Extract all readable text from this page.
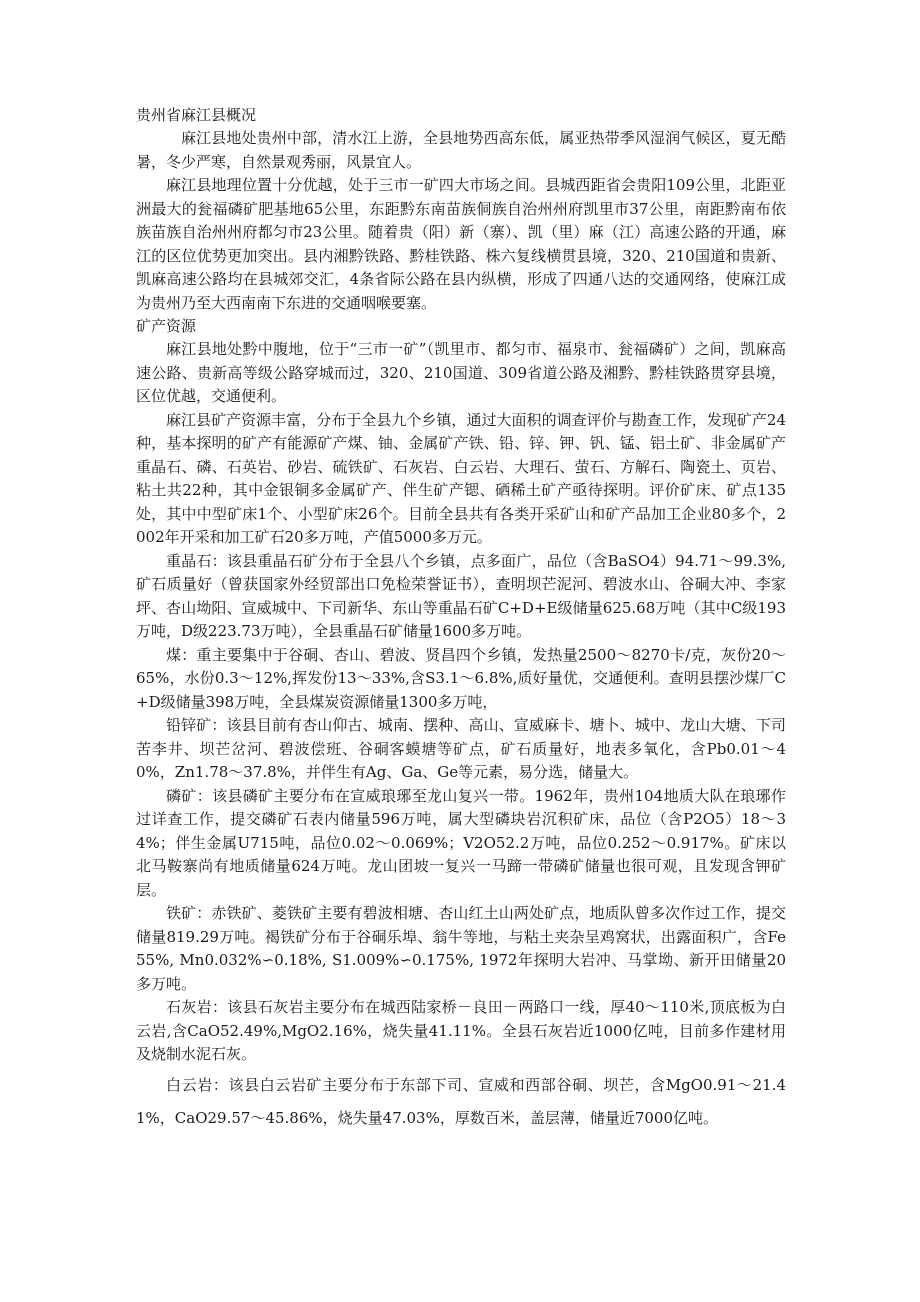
贵州省麻江县概况

麻江县地处贵州中部，清水江上游，全县地势西高东低，属亚热带季风湿润气候区，夏无酷暑，冬少严寒，自然景观秀丽，风景宜人。

麻江县地理位置十分优越，处于三市一矿四大市场之间。县城西距省会贵阳109公里，北距亚洲最大的瓮福磷矿肥基地65公里，东距黔东南苗族侗族自治州州府凯里市37公里，南距黔南布依族苗族自治州州府都匀市23公里。随着贵（阳）新（寨）、凯（里）麻（江）高速公路的开通，麻江的区位优势更加突出。县内湘黔铁路、黔桂铁路、株六复线横贯县境，320、210国道和贵新、凯麻高速公路均在县城郊交汇，4条省际公路在县内纵横，形成了四通八达的交通网络，使麻江成为贵州乃至大西南南下东进的交通咽喉要塞。

矿产资源

麻江县地处黔中腹地，位于“三市一矿”（凯里市、都匀市、福泉市、瓮福磷矿）之间，凯麻高速公路、贵新高等级公路穿城而过，320、210国道、309省道公路及湘黔、黔桂铁路贯穿县境，区位优越，交通便利。

麻江县矿产资源丰富，分布于全县九个乡镇，通过大面积的调查评价与勘查工作，发现矿产24种，基本探明的矿产有能源矿产煤、铀、金属矿产铁、铅、锌、钾、钒、锰、铝土矿、非金属矿产重晶石、磷、石英岩、砂岩、硫铁矿、石灰岩、白云岩、大理石、萤石、方解石、陶瓷土、页岩、粘土共22种，其中金银铜多金属矿产、伴生矿产锶、硒稀土矿产亟待探明。评价矿床、矿点135处，其中中型矿床1个、小型矿床26个。目前全县共有各类开采矿山和矿产品加工企业80多个，2002年开采和加工矿石20多万吨，产值5000多万元。

重晶石：该县重晶石矿分布于全县八个乡镇，点多面广，品位（含BaSO4）94.71～99.3%, 矿石质量好（曾获国家外经贸部出口免检荣誉证书），查明坝芒泥河、碧波水山、谷硐大冲、李家坪、杏山坳阳、宣威城中、下司新华、东山等重晶石矿C+D+E级储量625.68万吨（其中C级193万吨，D级223.73万吨），全县重晶石矿储量1600多万吨。

煤：重主要集中于谷硐、杏山、碧波、贤昌四个乡镇，发热量2500～8270卡/克，灰份20～65%，水份0.3～12%,挥发份13～33%,含S3.1～6.8%,质好量优，交通便利。查明县摆沙煤厂C+D级储量398万吨，全县煤炭资源储量1300多万吨，

铅锌矿：该县目前有杏山仰古、城南、摆种、高山、宣威麻卡、塘卜、城中、龙山大塘、下司苦李井、坝芒岔河、碧波偿班、谷硐客蟆塘等矿点，矿石质量好，地表多氧化，含Pb0.01～40%，Zn1.78～37.8%，并伴生有Ag、Ga、Ge等元素，易分选，储量大。

磷矿：该县磷矿主要分布在宣威琅琊至龙山复兴一带。1962年，贵州104地质大队在琅琊作过详查工作，提交磷矿石表内储量596万吨，属大型磷块岩沉积矿床，品位（含P2O5）18～34%；伴生金属U715吨，品位0.02～0.069%；V2O52.2万吨，品位0.252～0.917%。矿床以北马鞍寨尚有地质储量624万吨。龙山团坡一复兴一马蹄一带磷矿储量也很可观，且发现含钾矿层。

铁矿：赤铁矿、菱铁矿主要有碧波相塘、杏山红土山两处矿点，地质队曾多次作过工作，提交储量819.29万吨。褐铁矿分布于谷硐乐埠、翁牛等地，与粘土夹杂呈鸡窝状，出露面积广，含Fe55%, Mn0.032%∽0.18%, S1.009%∽0.175%, 1972年探明大岩冲、马掌坳、新开田储量20多万吨。

石灰岩：该县石灰岩主要分布在城西陆家桥－良田－两路口一线，厚40～110米,顶底板为白云岩,含CaO52.49%,MgO2.16%，烧失量41.11%。全县石灰岩近1000亿吨，目前多作建材用及烧制水泥石灰。

白云岩：该县白云岩矿主要分布于东部下司、宣威和西部谷硐、坝芒，含MgO0.91～21.41%，CaO29.57～45.86%，烧失量47.03%，厚数百米，盖层薄，储量近7000亿吨。
